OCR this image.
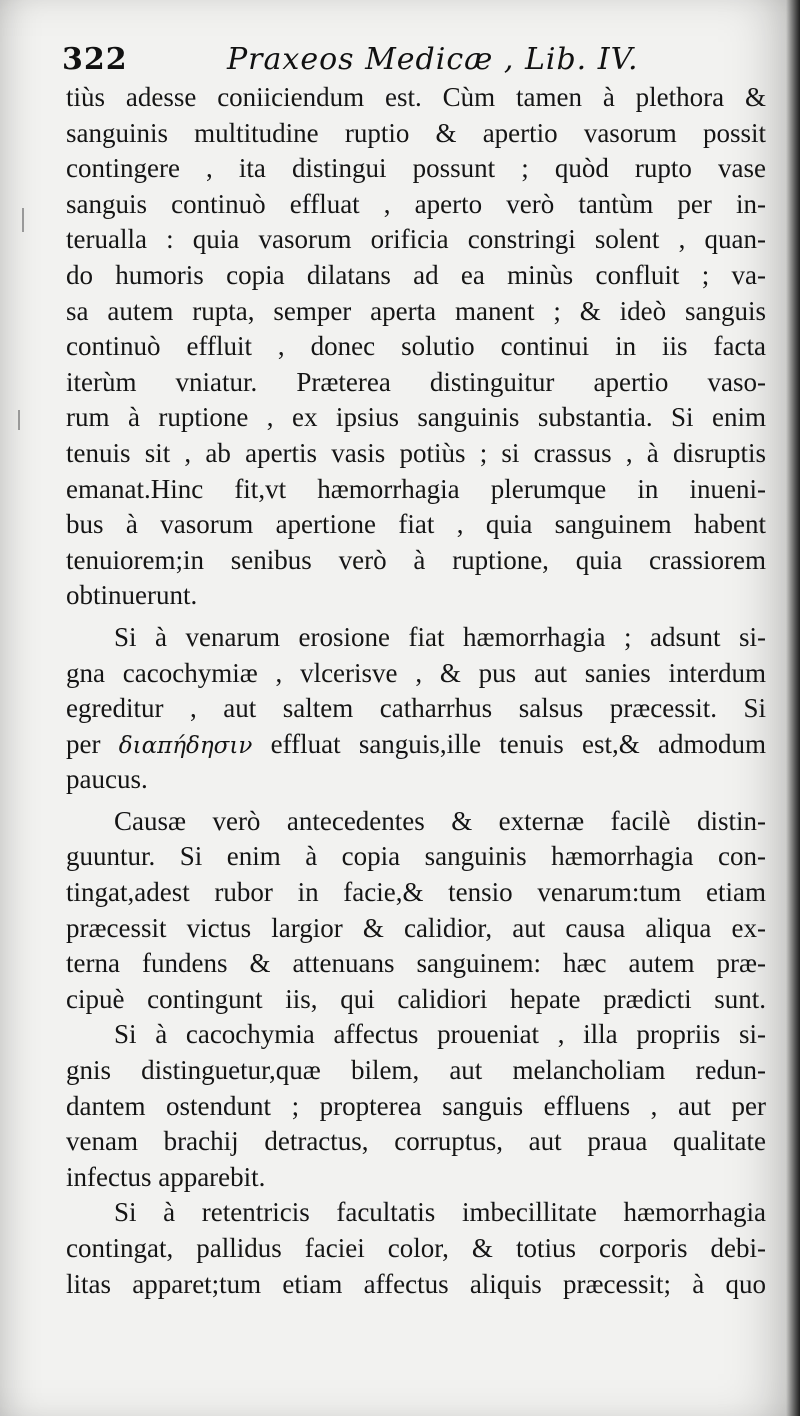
322	Praxeos Medicæ , Lib. IV.
tiùs adesse coniiciendum est. Cùm tamen à plethora &
sanguinis multitudine ruptio & apertio vasorum possit
contingere , ita distingui possunt ; quòd rupto vase
sanguis continuò effluat , aperto verò tantùm per in-
terualla : quia vasorum orificia constringi solent , quan-
do humoris copia dilatans ad ea minùs confluit ; va-
sa autem rupta, semper aperta manent ; & ideò sanguis
continuò effluit , donec solutio continui in iis facta
iterùm vniatur. Præterea distinguitur apertio vaso-
rum à ruptione , ex ipsius sanguinis substantia. Si enim
tenuis sit , ab apertis vasis potiùs ; si crassus , à disruptis
emanat.Hinc fit,vt hæmorrhagia plerumque in inueni-
bus à vasorum apertione fiat , quia sanguinem habent
tenuiorem;in senibus verò à ruptione, quia crassiorem
obtinuerunt.
Si à venarum erosione fiat hæmorrhagia ; adsunt si-
gna cacochymiæ , vlcerisve , & pus aut sanies interdum
egreditur , aut saltem catharrhus salsus præcessit. Si
per διαπήδησιν effluat sanguis,ille tenuis est,& admodum
paucus.
Causæ verò antecedentes & externæ facilè distin-
guuntur. Si enim à copia sanguinis hæmorrhagia con-
tingat,adest rubor in facie,& tensio venarum:tum etiam
præcessit victus largior & calidior, aut causa aliqua ex-
terna fundens & attenuans sanguinem: hæc autem præ-
cipuè contingunt iis, qui calidiori hepate prædicti sunt.
Si à cacochymia affectus proueniat , illa propriis si-
gnis distinguetur,quæ bilem, aut melancholiam redun-
dantem ostendunt ; propterea sanguis effluens , aut per
venam brachij detractus, corruptus, aut praua qualitate
infectus apparebit.
Si à retentricis facultatis imbecillitate hæmorrhagia
contingat, pallidus faciei color, & totius corporis debi-
litas apparet;tum etiam affectus aliquis præcessit; à quo
